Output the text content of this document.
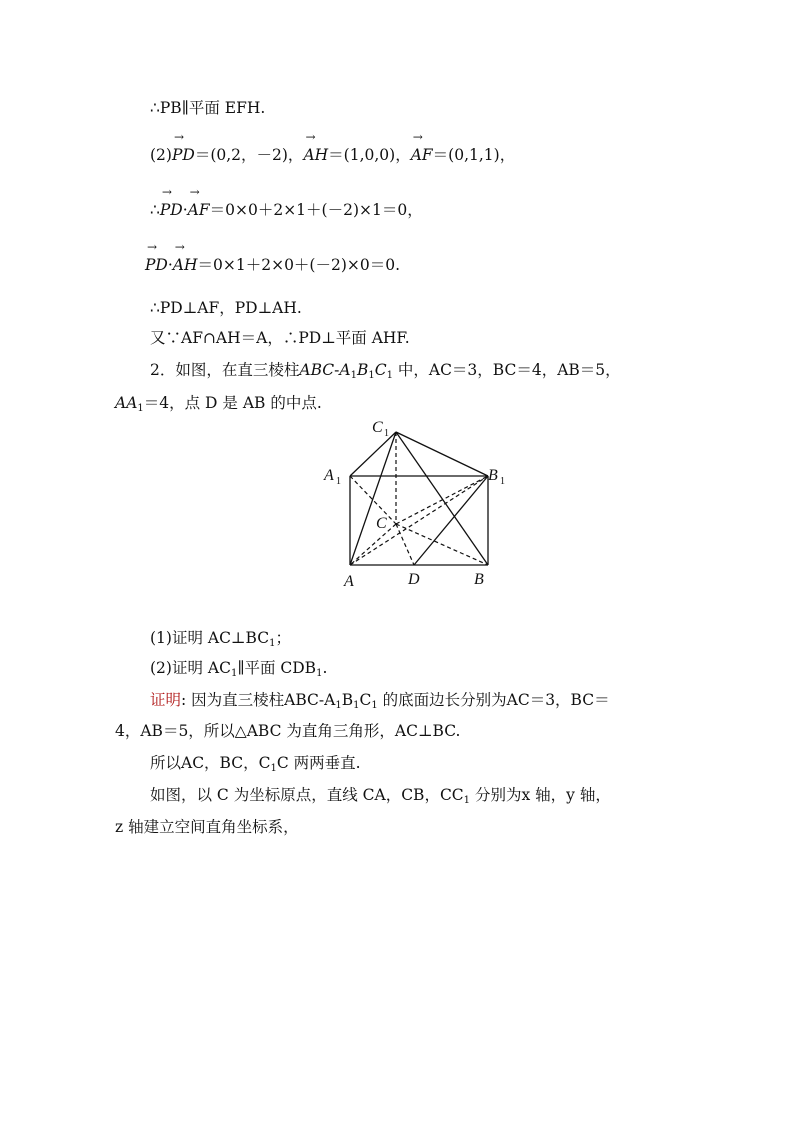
∴PB∥平面 EFH.
(2)→ PD＝(0,2，－2)，→ AH＝(1,0,0)，→ AF＝(0,1,1)，
∴→ PD·→ AF＝0×0＋2×1＋(－2)×1＝0，
→ PD·→ AH＝0×1＋2×0＋(－2)×0＝0.
∴PD⊥AF，PD⊥AH.
又∵AF∩AH＝A，∴PD⊥平面 AHF.
2．如图，在直三棱柱ABC-$A_1B_1C_1$ 中，AC＝3，BC＝4，AB＝5，
$AA_1=4$，点 D 是 AB 的中点.
C 1
A 1	B 1
C
A	D	B
(1)证明 $AC\perp BC_1$；
(2)证明 $AC_1\parallel$平面 $CDB_1$.
证明: 因为直三棱柱ABC-$A_1B_1C_1$ 的底面边长分别为AC＝3，BC＝
4，AB＝5，所以△ABC 为直角三角形，AC⊥BC.
所以AC，BC，$C_1C$ 两两垂直.
如图，以 C 为坐标原点，直线 CA，CB，$CC_1$ 分别为x 轴，y 轴，
z 轴建立空间直角坐标系，
